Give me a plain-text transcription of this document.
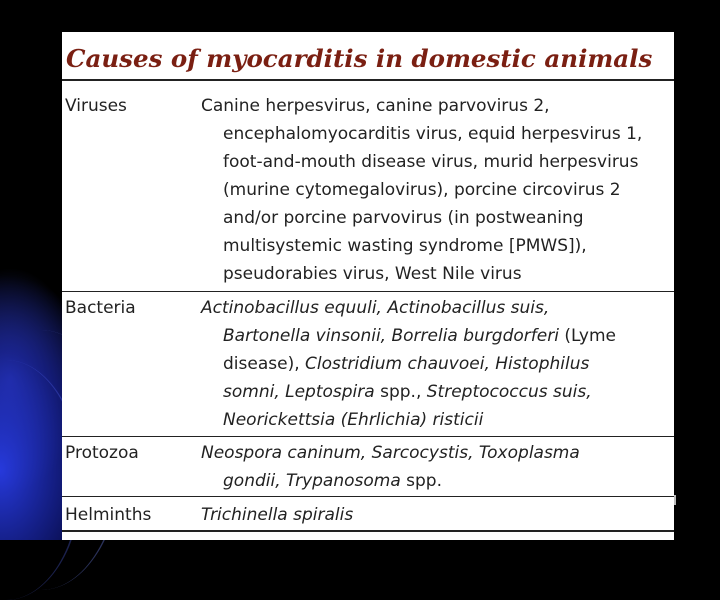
Causes of myocarditis in domestic animals
Viruses	Canine herpesvirus, canine parvovirus 2,
encephalomyocarditis virus, equid herpesvirus 1,
foot-and-mouth disease virus, murid herpesvirus
(murine cytomegalovirus), porcine circovirus 2
and/or porcine parvovirus (in postweaning
multisystemic wasting syndrome [PMWS]),
pseudorabies virus, West Nile virus
Bacteria	Actinobacillus equuli, Actinobacillus suis,
Bartonella vinsonii, Borrelia burgdorferi (Lyme
disease), Clostridium chauvoei, Histophilus
somni, Leptospira spp., Streptococcus suis,
Neorickettsia (Ehrlichia) risticii
Protozoa	Neospora caninum, Sarcocystis, Toxoplasma
gondii, Trypanosoma spp.
Helminths	Trichinella spiralis
